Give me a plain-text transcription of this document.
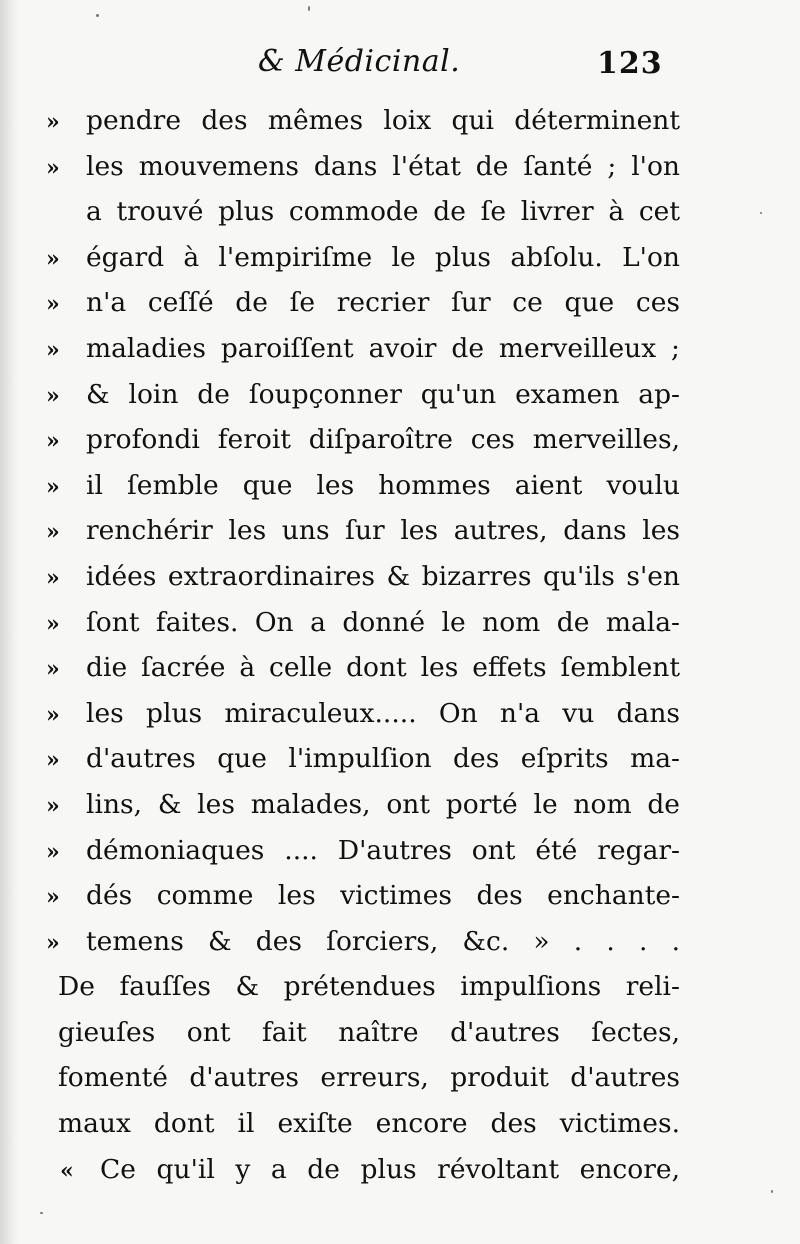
& Médicinal.	123
» pendre des mêmes loix qui déterminent
» les mouvemens dans l'état de ſanté ; l'on
a trouvé plus commode de ſe livrer à cet
» égard à l'empiriſme le plus abſolu. L'on
» n'a ceſſé de ſe recrier ſur ce que ces
» maladies paroiſſent avoir de merveilleux ;
» & loin de ſoupçonner qu'un examen ap-
» profondi feroit diſparoître ces merveilles,
» il ſemble que les hommes aient voulu
» renchérir les uns ſur les autres, dans les
» idées extraordinaires & bizarres qu'ils s'en
» ſont faites. On a donné le nom de mala-
» die ſacrée à celle dont les effets ſemblent
» les plus miraculeux..... On n'a vu dans
» d'autres que l'impulſion des eſprits ma-
» lins, & les malades, ont porté le nom de
» démoniaques .... D'autres ont été regar-
» dés comme les victimes des enchante-
» temens & des ſorciers, &c. » . . . .
De fauſſes & prétendues impulſions reli-
gieuſes ont fait naître d'autres ſectes,
fomenté d'autres erreurs, produit d'autres
maux dont il exiſte encore des victimes.
« Ce qu'il y a de plus révoltant encore,
